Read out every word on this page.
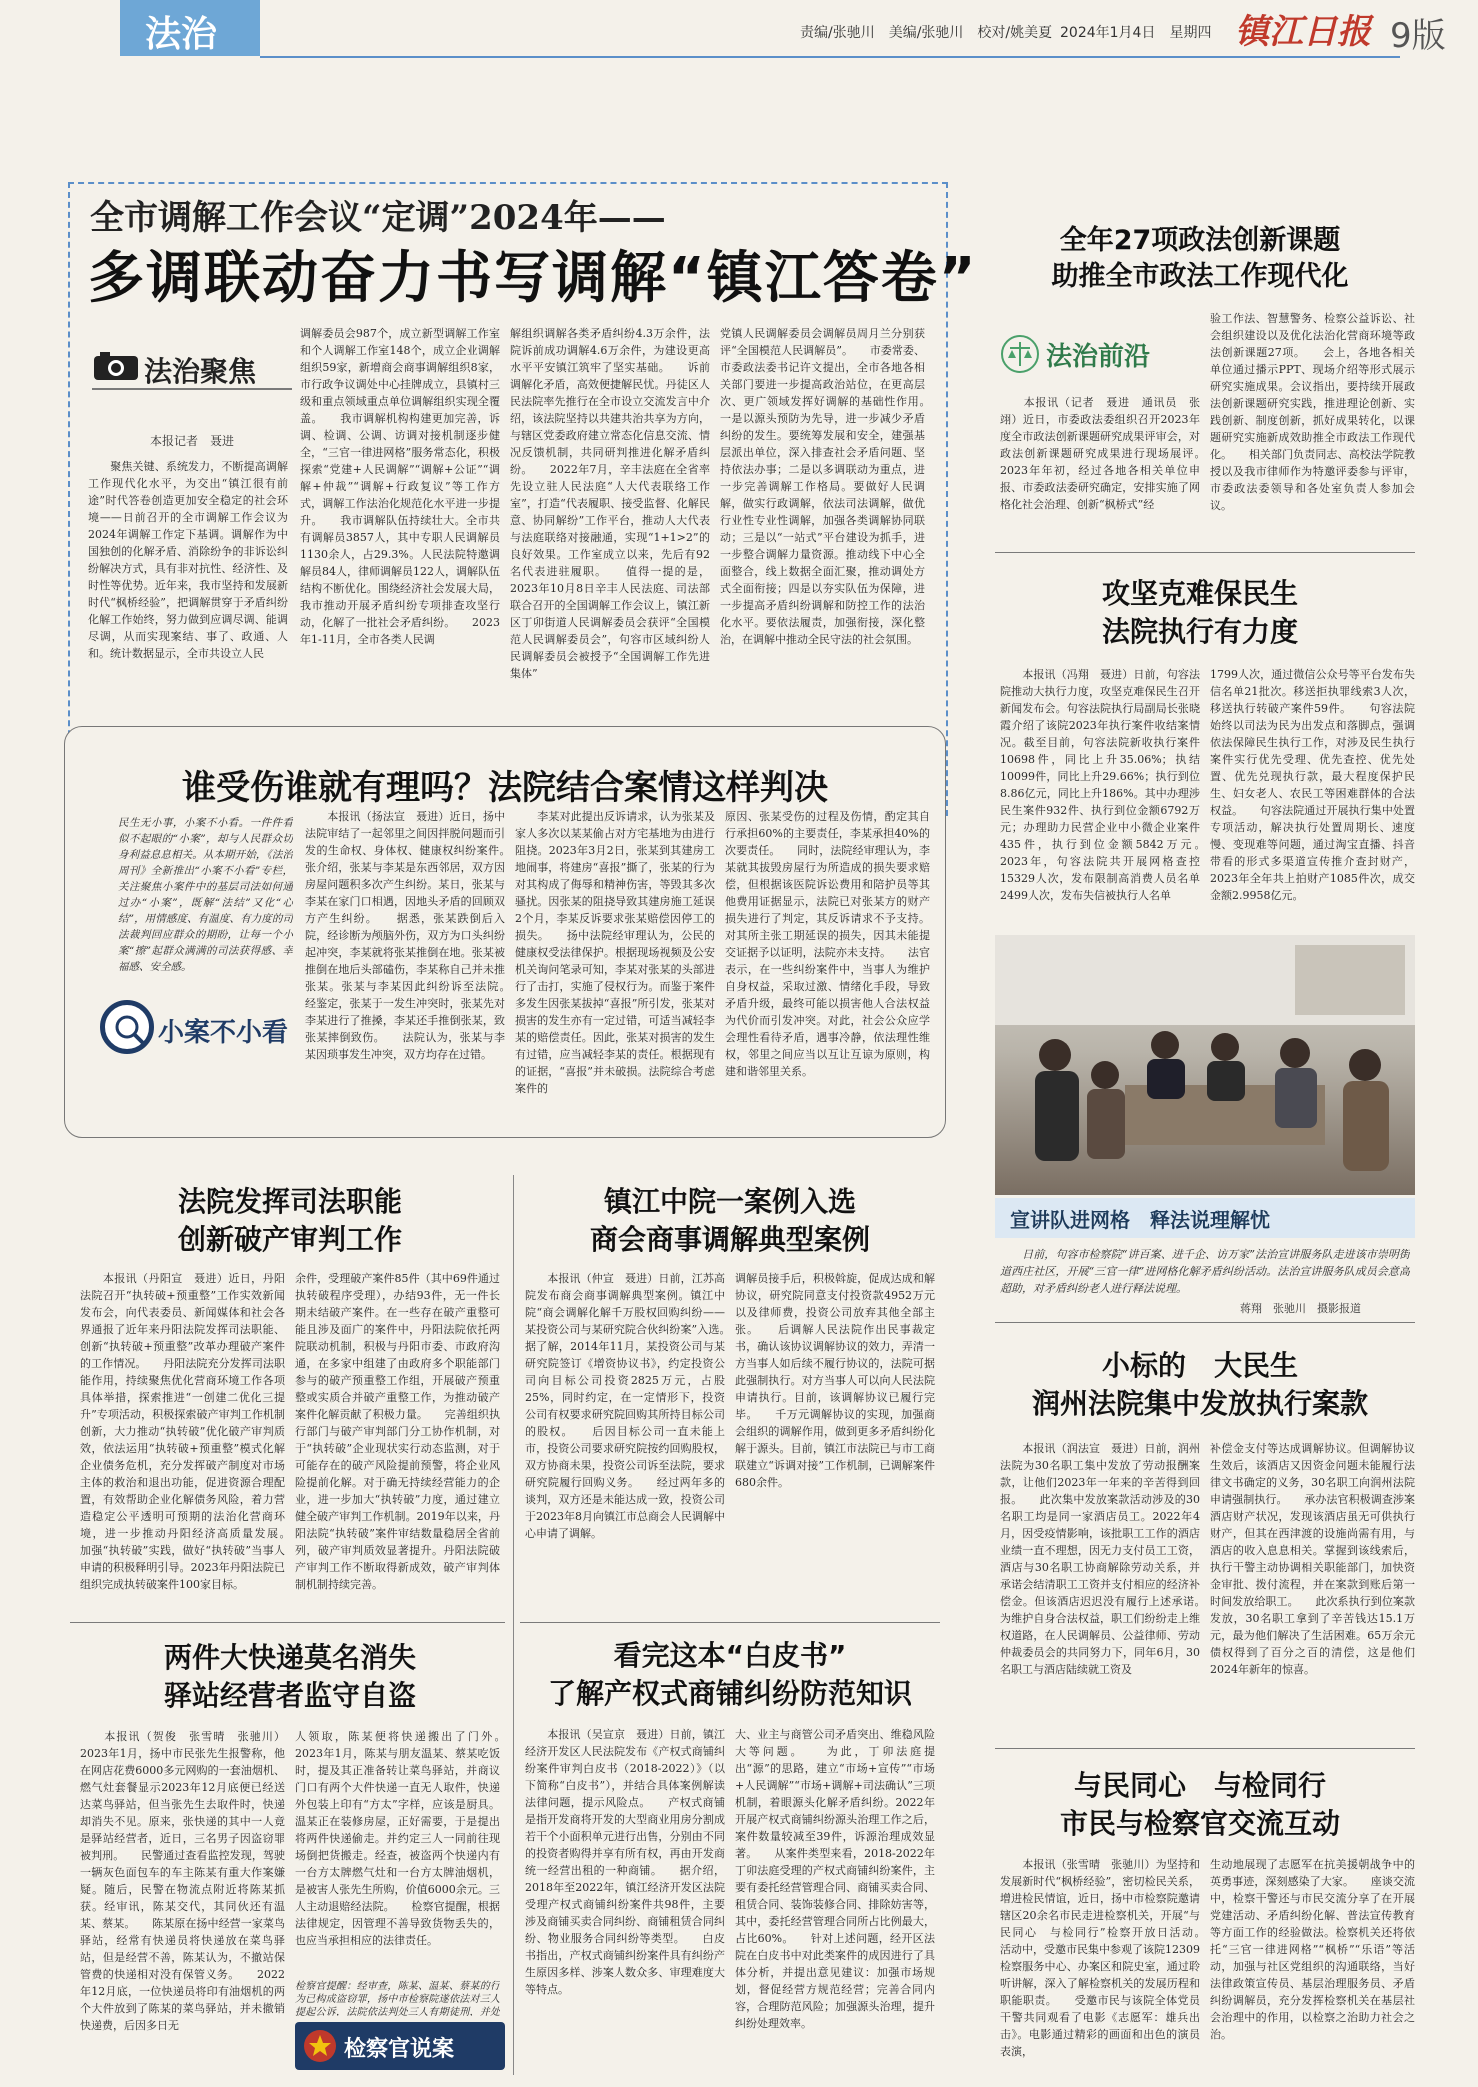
法治	责编/张驰川　美编/张驰川　校对/姚美夏 2024年1月4日　星期四 镇江日报 9版
全市调解工作会议“定调”2024年——
多调联动奋力书写调解“镇江答卷”
法治聚焦
本报记者　聂进
　　聚焦关键、系统发力，不断提高调解工作现代化水平，为交出“镇江很有前途”时代答卷创造更加安全稳定的社会环境——日前召开的全市调解工作会议为2024年调解工作定下基调。调解作为中国独创的化解矛盾、消除纷争的非诉讼纠纷解决方式，具有非对抗性、经济性、及时性等优势。近年来，我市坚持和发展新时代“枫桥经验”，把调解贯穿于矛盾纠纷化解工作始终，努力做到应调尽调、能调尽调，从而实现案结、事了、政通、人和。统计数据显示，全市共设立人民
调解委员会987个，成立新型调解工作室和个人调解工作室148个，成立企业调解组织59家，新增商会商事调解组织8家，市行政争议调处中心挂牌成立，县镇村三级和重点领域重点单位调解组织实现全覆盖。　　我市调解机构构建更加完善，诉调、检调、公调、访调对接机制逐步健全，“三官一律进网格”服务常态化，积极探索“党建+人民调解”“调解+公证”“调解+仲裁”“调解+行政复议”等工作方式，调解工作法治化规范化水平进一步提升。　　我市调解队伍持续壮大。全市共有调解员3857人，其中专职人民调解员1130余人，占29.3%。人民法院特邀调解员84人，律师调解员122人，调解队伍结构不断优化。围绕经济社会发展大局，我市推动开展矛盾纠纷专项排查攻坚行动，化解了一批社会矛盾纠纷。　　2023年1-11月，全市各类人民调
解组织调解各类矛盾纠纷4.3万余件，法院诉前成功调解4.6万余件，为建设更高水平平安镇江筑牢了坚实基础。　　诉前调解化矛盾，高效便捷解民忧。丹徒区人民法院率先推行在全市设立交流发言中介绍，该法院坚持以共建共治共享为方向，与辖区党委政府建立常态化信息交流、情况反馈机制，共同研判推进化解矛盾纠纷。　　2022年7月，辛丰法庭在全省率先设立驻人民法庭“人大代表联络工作室”，打造“代表履职、接受监督、化解民意、协同解纷”工作平台，推动人大代表与法庭联络对接融通，实现“1+1>2”的良好效果。工作室成立以来，先后有92名代表进驻履职。　　值得一提的是，2023年10月8日辛丰人民法庭、司法部联合召开的全国调解工作会议上，镇江新区丁卯街道人民调解委员会获评“全国模范人民调解委员会”，句容市区域纠纷人民调解委员会被授予“全国调解工作先进集体”
党镇人民调解委员会调解员周月兰分别获评“全国模范人民调解员”。　　市委常委、市委政法委书记许文提出，全市各地各相关部门要进一步提高政治站位，在更高层次、更广领域发挥好调解的基础性作用。　　一是以源头预防为先导，进一步减少矛盾纠纷的发生。要统筹发展和安全，建强基层派出单位，深入排查社会矛盾问题、坚持依法办事；二是以多调联动为重点，进一步完善调解工作格局。要做好人民调解，做实行政调解，依法司法调解，做优行业性专业性调解，加强各类调解协同联动；三是以“一站式”平台建设为抓手，进一步整合调解力量资源。推动线下中心全面整合，线上数据全面汇聚，推动调处方式全面衔接；四是以夯实队伍为保障，进一步提高矛盾纠纷调解和防控工作的法治化水平。要依法履责，加强衔接，深化整治，在调解中推动全民守法的社会氛围。
全年27项政法创新课题
助推全市政法工作现代化
法治前沿
　　本报讯（记者　聂进　通讯员　张翊）近日，市委政法委组织召开2023年度全市政法创新课题研究成果评审会，对政法创新课题研究成果进行现场展评。　　2023年年初，经过各地各相关单位申报、市委政法委研究确定，安排实施了网格化社会治理、创新“枫桥式”经
验工作法、智慧警务、检察公益诉讼、社会组织建设以及优化法治化营商环境等政法创新课题27项。　　会上，各地各相关单位通过播示PPT、现场介绍等形式展示研究实施成果。会议指出，要持续开展政法创新课题研究实践，推进理论创新、实践创新、制度创新，抓好成果转化，以课题研究实施新成效助推全市政法工作现代化。　　相关部门负责同志、高校法学院教授以及我市律师作为特邀评委参与评审，市委政法委领导和各处室负责人参加会议。
攻坚克难保民生
法院执行有力度
　　本报讯（冯翔　聂进）日前，句容法院推动大执行力度，攻坚克难保民生召开新闻发布会。句容法院执行局副局长张晓霞介绍了该院2023年执行案件收结案情况。截至目前，句容法院新收执行案件10698件，同比上升35.06%；执结10099件，同比上升29.66%；执行到位8.86亿元，同比上升186%。其中办理涉民生案件932件、执行到位金额6792万元；办理助力民营企业中小微企业案件435件，执行到位金额5842万元。　　2023年，句容法院共开展网格查控15329人次，发布限制高消费人员名单2499人次，发布失信被执行人名单
1799人次，通过微信公众号等平台发布失信名单21批次。移送拒执罪线索3人次，移送执行转破产案件59件。　　句容法院始终以司法为民为出发点和落脚点，强调依法保障民生执行工作，对涉及民生执行案件实行优先受理、优先查控、优先处置、优先兑现执行款，最大程度保护民生、妇女老人、农民工等困难群体的合法权益。　　句容法院通过开展执行集中处置专项活动，解决执行处置周期长、速度慢、变现难等问题，通过淘宝直播、抖音带看的形式多渠道宣传推介查封财产，2023年全年共上拍财产1085件次，成交金额2.9958亿元。
宣讲队进网格　释法说理解忧
　　日前，句容市检察院“讲百案、进千企、访万家”法治宣讲服务队走进该市崇明街道西庄社区，开展“三官一律”进网格化解矛盾纠纷活动。法治宣讲服务队成员会意高超助，对矛盾纠纷老人进行释法说理。
蒋翔　张驰川　摄影报道
小标的　大民生
润州法院集中发放执行案款
　　本报讯（润法宣　聂进）日前，润州法院为30名职工集中发放了劳动报酬案款，让他们2023年一年来的辛苦得到回报。　　此次集中发放案款活动涉及的30名职工均是同一家酒店员工。2022年4月，因受疫情影响，该批职工工作的酒店业绩一直不理想，因无力支付员工工资，酒店与30名职工协商解除劳动关系，并承诺会结清职工工资并支付相应的经济补偿金。但该酒店迟迟没有履行上述承诺。　　为维护自身合法权益，职工们纷纷走上维权道路，在人民调解员、公益律师、劳动仲裁委员会的共同努力下，同年6月，30名职工与酒店陆续就工资及
补偿金支付等达成调解协议。但调解协议生效后，该酒店又因资金问题未能履行法律文书确定的义务，30名职工向润州法院申请强制执行。　　承办法官积极调查涉案酒店财产状况，发现该酒店虽无可供执行财产，但其在西津渡的设施尚需有用，与酒店的收入息息相关。掌握到该线索后，执行干警主动协调相关职能部门，加快资金审批、拨付流程，并在案款到账后第一时间发放给职工。　　此次系执行到位案款发放，30名职工拿到了辛苦钱达15.1万元，最为他们解决了生活困难。65万余元债权得到了百分之百的清偿，这是他们2024年新年的惊喜。
与民同心　与检同行
市民与检察官交流互动
　　本报讯（张雪晴　张驰川）为坚持和发展新时代“枫桥经验”，密切检民关系，增进检民情谊，近日，扬中市检察院邀请辖区20余名市民走进检察机关，开展“与民同心　与检同行”检察开放日活动。　　活动中，受邀市民集中参观了该院12309检察服务中心、办案区和院史室，通过聆听讲解，深入了解检察机关的发展历程和职能职责。　　受邀市民与该院全体党员干警共同观看了电影《志愿军：雄兵出击》。电影通过精彩的画面和出色的演员表演，
生动地展现了志愿军在抗美援朝战争中的英勇事迹，深刻感染了大家。　　座谈交流中，检察干警还与市民交流分享了在开展党建活动、矛盾纠纷化解、普法宣传教育等方面工作的经验做法。检察机关还将依托“三官一律进网格”“枫桥”“乐语”等活动，加强与社区党组织的沟通联络，当好法律政策宣传员、基层治理服务员、矛盾纠纷调解员，充分发挥检察机关在基层社会治理中的作用，以检察之治助力社会之治。
谁受伤谁就有理吗？法院结合案情这样判决
民生无小事，小案不小看。一件件看似不起眼的“小案”，却与人民群众切身利益息息相关。从本期开始，《法治周刊》全新推出“小案不小看”专栏，关注聚焦小案件中的基层司法如何通过办“小案”，既解“法结”又化“心结”，用情感度、有温度、有力度的司法裁判回应群众的期盼，让每一个小案“擦”起群众满满的司法获得感、幸福感、安全感。
小案不小看
　　本报讯（扬法宣　聂进）近日，扬中法院审结了一起邻里之间因拌脱问题而引发的生命权、身体权、健康权纠纷案件。　　张介绍，张某与李某是东西邻居，双方因房屋问题积多次产生纠纷。某日，张某与李某在家门口相遇，因地头矛盾的回顾双方产生纠纷。　　据悉，张某跌倒后入院，经诊断为颅脑外伤，双方为口头纠纷起冲突，李某就将张某推倒在地。张某被推倒在地后头部磕伤，李某称自己并未推张某。张某与李某因此纠纷诉至法院。　　经鉴定，张某于一发生冲突时，张某先对李某进行了推搡，李某还手推倒张某，致张某摔倒致伤。　　法院认为，张某与李某因琐事发生冲突，双方均存在过错。
　　李某对此提出反诉请求，认为张某及家人多次以某某偷占对方宅基地为由进行阻挠。2023年3月2日，张某到其建房工地闹事，将建房“喜报”撕了，张某的行为对其构成了侮辱和精神伤害，等毁其多次骚扰。因张某的阻挠导致其建房施工延误2个月，李某反诉要求张某赔偿因停工的损失。　　扬中法院经审理认为，公民的健康权受法律保护。根据现场视频及公安机关询问笔录可知，李某对张某的头部进行了击打，实施了侵权行为。而鉴于案件多发生因张某拔掉“喜报”所引发，张某对损害的发生亦有一定过错，可适当减轻李某的赔偿责任。因此，张某对损害的发生有过错，应当减轻李某的责任。根据现有的证据，“喜报”并未破损。法院综合考虑案件的
原因、张某受伤的过程及伤情，酌定其自行承担60%的主要责任，李某承担40%的次要责任。　　同时，法院经审理认为，李某就其拔毁房屋行为所造成的损失要求赔偿，但根据该医院诉讼费用和陪护员等其他费用证据显示，法院已对张某方的财产损失进行了判定，其反诉请求不予支持。对其所主张工期延误的损失，因其未能提交证据予以证明，法院亦未支持。　　法官表示，在一些纠纷案件中，当事人为维护自身权益，采取过激、情绪化手段，导致矛盾升级，最终可能以损害他人合法权益为代价而引发冲突。对此，社会公众应学会理性看待矛盾，遇事冷静，依法理性维权，邻里之间应当以互让互谅为原则，构建和谐邻里关系。
法院发挥司法职能
创新破产审判工作
　　本报讯（丹阳宣　聂进）近日，丹阳法院召开“执转破+预重整”工作实效新闻发布会，向代表委员、新闻媒体和社会各界通报了近年来丹阳法院发挥司法职能、创新“执转破+预重整”改革办理破产案件的工作情况。　　丹阳法院充分发挥司法职能作用，持续聚焦优化营商环境工作各项具体举措，探索推进“一创建二优化三提升”专项活动，积极探索破产审判工作机制创新，大力推动“执转破”优化破产审判质效，依法运用“执转破+预重整”模式化解企业债务危机，充分发挥破产制度对市场主体的救治和退出功能，促进资源合理配置，有效帮助企业化解债务风险，着力营造稳定公平透明可预期的法治化营商环境，进一步推动丹阳经济高质量发展。　　加强“执转破”实践，做好“执转破”当事人申请的积极释明引导。2023年丹阳法院已组织完成执转破案件100家目标。
余件，受理破产案件85件（其中69件通过执转破程序受理），办结93件，无一件长期未结破产案件。在一些存在破产重整可能且涉及面广的案件中，丹阳法院依托两院联动机制，积极与丹阳市委、市政府沟通，在多家中组建了由政府多个职能部门参与的破产预重整工作组，开展破产预重整或实质合并破产重整工作，为推动破产案件化解贡献了积极力量。　　完善组织执行部门与破产审判部门分工协作机制，对于“执转破”企业现状实行动态监测，对于可能存在的破产风险提前预警，将企业风险提前化解。对于确无持续经营能力的企业，进一步加大“执转破”力度，通过建立健全破产审判工作机制。2019年以来，丹阳法院“执转破”案件审结数量稳居全省前列，破产审判质效显著提升。丹阳法院破产审判工作不断取得新成效，破产审判体制机制持续完善。
镇江中院一案例入选
商会商事调解典型案例
　　本报讯（仲宣　聂进）日前，江苏高院发布商会商事调解典型案例。镇江中院“商会调解化解千万股权回购纠纷——某投资公司与某研究院合伙纠纷案”入选。　　据了解，2014年11月，某投资公司与某研究院签订《增资协议书》，约定投资公司向目标公司投资2825万元，占股25%，同时约定，在一定情形下，投资公司有权要求研究院回购其所持目标公司的股权。　　后因目标公司一直未能上市，投资公司要求研究院按约回购股权，双方协商未果，投资公司诉至法院，要求研究院履行回购义务。　　经过两年多的谈判，双方还是未能达成一致，投资公司于2023年8月向镇江市总商会人民调解中心申请了调解。
调解员接手后，积极斡旋，促成达成和解协议，研究院同意支付投资款4952万元以及律师费，投资公司放弃其他全部主张。　　后调解人民法院作出民事裁定书，确认该协议调解协议的效力，弄清一方当事人如后续不履行协议的，法院可据此强制执行。对方当事人可以向人民法院申请执行。目前，该调解协议已履行完毕。　　千万元调解协议的实现，加强商会组织的调解作用，做到更多矛盾纠纷化解于源头。目前，镇江市法院已与市工商联建立“诉调对接”工作机制，已调解案件680余件。
看完这本“白皮书”
了解产权式商铺纠纷防范知识
　　本报讯（吴宣京　聂进）日前，镇江经济开发区人民法院发布《产权式商铺纠纷案件审判白皮书（2018-2022）》（以下简称“白皮书”），并结合具体案例解读法律问题，提示风险点。　　产权式商铺是指开发商将开发的大型商业用房分割成若干个小面积单元进行出售，分别由不同的投资者购得并享有所有权，再由开发商统一经营出租的一种商铺。　　据介绍，2018年至2022年，镇江经济开发区法院受理产权式商铺纠纷案件共98件，主要涉及商铺买卖合同纠纷、商铺租赁合同纠纷、物业服务合同纠纷等类型。　　白皮书指出，产权式商铺纠纷案件具有纠纷产生原因多样、涉案人数众多、审理难度大等特点。
大、业主与商管公司矛盾突出、维稳风险大等问题。　　为此，丁卯法庭提出“源”的思路，建立“市场+宣传”“市场+人民调解”“市场+调解+司法确认”三项机制，着眼源头化解矛盾纠纷。2022年开展产权式商铺纠纷源头治理工作之后，案件数量较减至39件，诉源治理成效显著。　　从案件类型来看，2018-2022年丁卯法庭受理的产权式商铺纠纷案件，主要有委托经营管理合同、商铺买卖合同、租赁合同、装饰装修合同、排除妨害等，其中，委托经营管理合同所占比例最大，占比60%。　　针对上述问题，经开区法院在白皮书中对此类案件的成因进行了具体分析，并提出意见建议：加强市场规划，督促经营方规范经营；完善合同内容，合理防范风险；加强源头治理，提升纠纷处理效率。
两件大快递莫名消失
驿站经营者监守自盗
　　本报讯（贺俊　张雪晴　张驰川）2023年1月，扬中市民张先生报警称，他在网店花费6000多元网购的一套油烟机、燃气灶套餐显示2023年12月底便已经送达菜鸟驿站，但当张先生去取件时，快递却消失不见。原来，张快递的其中一人竟是驿站经营者，近日，三名男子因盗窃罪被判刑。　　民警通过查看监控发现，驾驶一辆灰色面包车的车主陈某有重大作案嫌疑。随后，民警在物流点附近将陈某抓获。经审讯，陈某交代，其同伙还有温某、蔡某。　　陈某原在扬中经营一家菜鸟驿站，经常有快递员将快递放在菜鸟驿站，但是经营不善，陈某认为，不撤站保管费的快递相对没有保管义务。　　2022年12月底，一位快递员将印有油烟机的两个大件放到了陈某的菜鸟驿站，并未撤销快递费，后因多日无
人领取，陈某便将快递搬出了门外。　　2023年1月，陈某与朋友温某、蔡某吃饭时，提及其正准备转让菜鸟驿站，并商议门口有两个大件快递一直无人取件，快递外包装上印有“方太”字样，应该是厨具。温某正在装修房屋，正好需要，于是提出将两件快递偷走。并约定三人一同前往现场倒把货搬走。经查，被盗两个快递内有一台方太牌燃气灶和一台方太牌油烟机，是被害人张先生所购，价值6000余元。三人主动退赔经法院。　　检察官提醒，根据法律规定，因管理不善导致货物丢失的，也应当承担相应的法律责任。
检察官提醒：经审查，陈某、温某、蔡某的行为已构成盗窃罪，扬中市检察院遂依法对三人提起公诉，法院依法判处三人有期徒刑，并处
检察官说案
